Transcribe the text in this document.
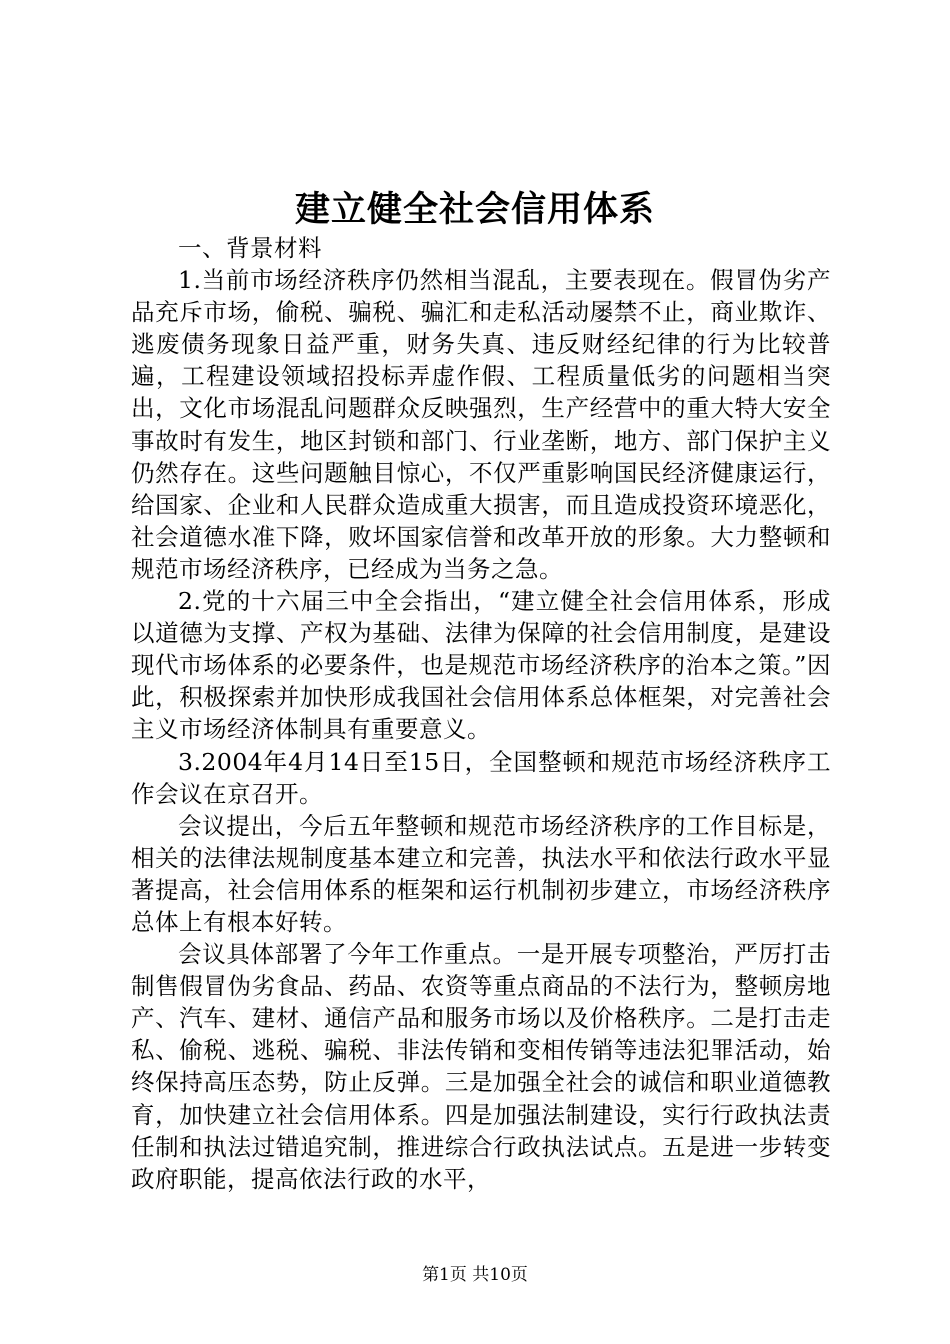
建立健全社会信用体系

一、背景材料

1.当前市场经济秩序仍然相当混乱，主要表现在。假冒伪劣产品充斥市场，偷税、骗税、骗汇和走私活动屡禁不止，商业欺诈、逃废债务现象日益严重，财务失真、违反财经纪律的行为比较普遍，工程建设领域招投标弄虚作假、工程质量低劣的问题相当突出，文化市场混乱问题群众反映强烈，生产经营中的重大特大安全事故时有发生，地区封锁和部门、行业垄断，地方、部门保护主义仍然存在。这些问题触目惊心，不仅严重影响国民经济健康运行，给国家、企业和人民群众造成重大损害，而且造成投资环境恶化，社会道德水准下降，败坏国家信誉和改革开放的形象。大力整顿和规范市场经济秩序，已经成为当务之急。

2.党的十六届三中全会指出，“建立健全社会信用体系，形成以道德为支撑、产权为基础、法律为保障的社会信用制度，是建设现代市场体系的必要条件，也是规范市场经济秩序的治本之策。”因此，积极探索并加快形成我国社会信用体系总体框架，对完善社会主义市场经济体制具有重要意义。

3.2004年4月14日至15日，全国整顿和规范市场经济秩序工作会议在京召开。

会议提出，今后五年整顿和规范市场经济秩序的工作目标是，相关的法律法规制度基本建立和完善，执法水平和依法行政水平显著提高，社会信用体系的框架和运行机制初步建立，市场经济秩序总体上有根本好转。

会议具体部署了今年工作重点。一是开展专项整治，严厉打击制售假冒伪劣食品、药品、农资等重点商品的不法行为，整顿房地产、汽车、建材、通信产品和服务市场以及价格秩序。二是打击走私、偷税、逃税、骗税、非法传销和变相传销等违法犯罪活动，始终保持高压态势，防止反弹。三是加强全社会的诚信和职业道德教育，加快建立社会信用体系。四是加强法制建设，实行行政执法责任制和执法过错追究制，推进综合行政执法试点。五是进一步转变政府职能，提高依法行政的水平，

第1页 共10页
